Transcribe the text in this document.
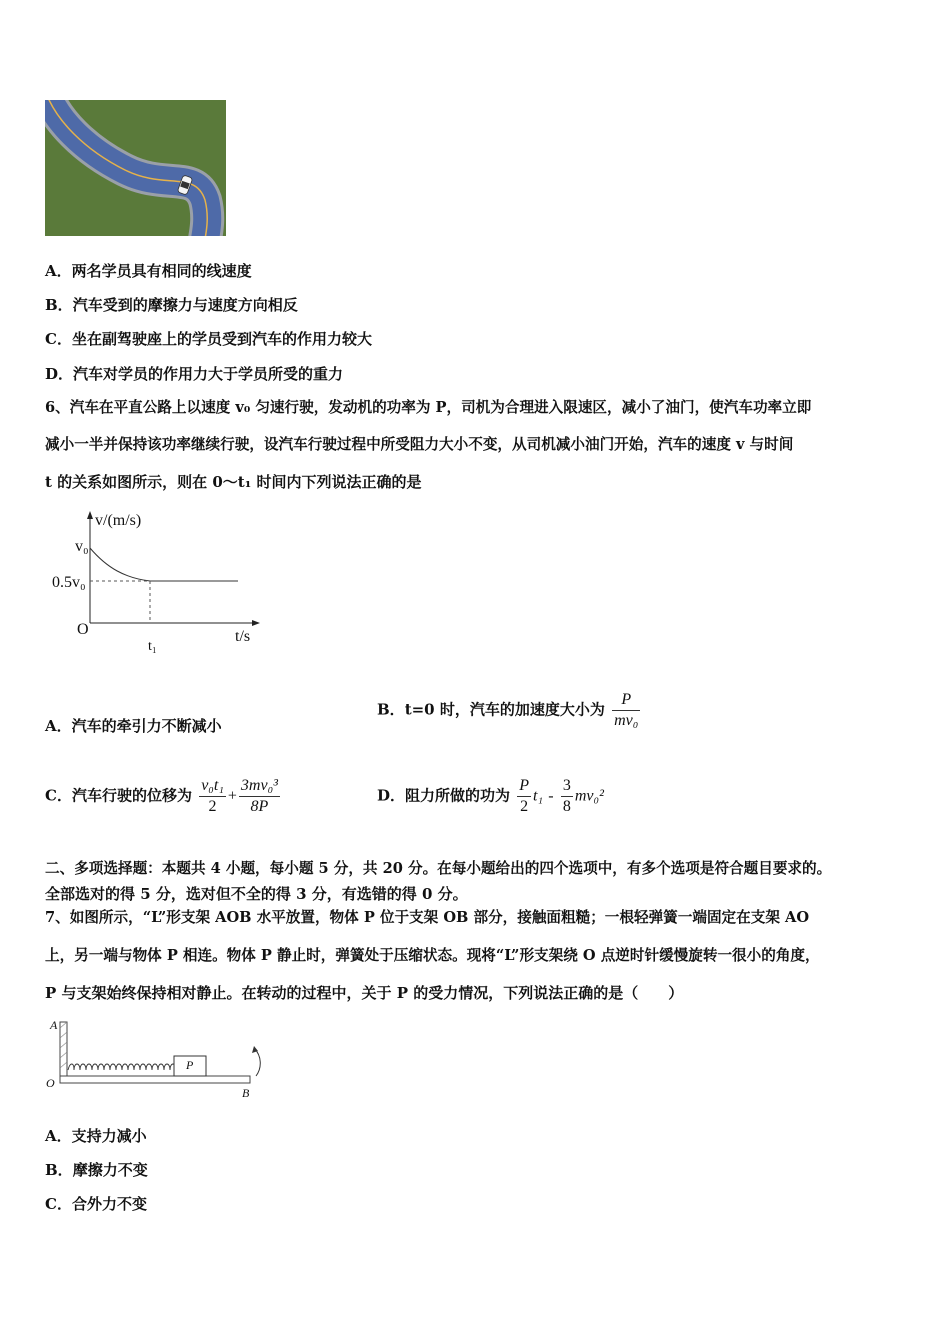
A．两名学员具有相同的线速度
B．汽车受到的摩擦力与速度方向相反
C．坐在副驾驶座上的学员受到汽车的作用力较大
D．汽车对学员的作用力大于学员所受的重力
6、汽车在平直公路上以速度 v₀ 匀速行驶，发动机的功率为 P，司机为合理进入限速区，减小了油门，使汽车功率立即
减小一半并保持该功率继续行驶，设汽车行驶过程中所受阻力大小不变，从司机减小油门开始，汽车的速度 v 与时间
t 的关系如图所示，则在 0～t₁ 时间内下列说法正确的是
v/(m/s)
v₀
0.5v₀
O
t₁
t/s
A．汽车的牵引力不断减小
B．t=0 时，汽车的加速度大小为 $\frac{P}{\text{mv₀}}$
C．汽车行驶的位移为 $\frac{\text{v₀t₁}}{2} + \frac{\text{3mv₀³}}{8P}$	D．阻力所做的功为 $\frac{P}{2} t_1 - \frac{3}{8} mv_0^2$
二、多项选择题：本题共 4 小题，每小题 5 分，共 20 分。在每小题给出的四个选项中，有多个选项是符合题目要求的。
全部选对的得 5 分，选对但不全的得 3 分，有选错的得 0 分。
7、如图所示，“L”形支架 AOB 水平放置，物体 P 位于支架 OB 部分，接触面粗糙；一根轻弹簧一端固定在支架 AO
上，另一端与物体 P 相连。物体 P 静止时，弹簧处于压缩状态。现将“L”形支架绕 O 点逆时针缓慢旋转一很小的角度，
P 与支架始终保持相对静止。在转动的过程中，关于 P 的受力情况，下列说法正确的是（　　）
A
O
B
P
A．支持力减小
B．摩擦力不变
C．合外力不变
